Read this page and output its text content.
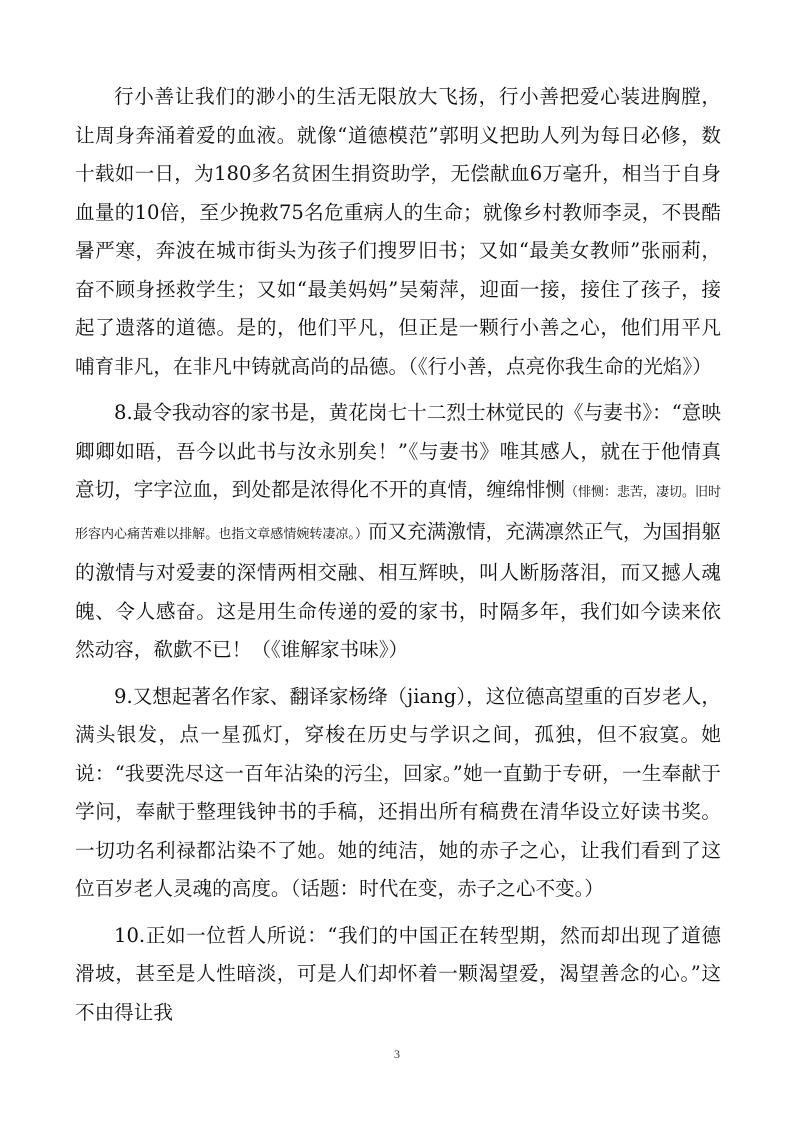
行小善让我们的渺小的生活无限放大飞扬，行小善把爱心装进胸膛，让周身奔涌着爱的血液。就像“道德模范”郭明义把助人列为每日必修，数十载如一日，为180多名贫困生捐资助学，无偿献血6万毫升，相当于自身血量的10倍，至少挽救75名危重病人的生命；就像乡村教师李灵，不畏酷暑严寒，奔波在城市街头为孩子们搜罗旧书；又如“最美女教师”张丽莉，奋不顾身拯救学生；又如“最美妈妈”吴菊萍，迎面一接，接住了孩子，接起了遗落的道德。是的，他们平凡，但正是一颗行小善之心，他们用平凡哺育非凡，在非凡中铸就高尚的品德。（《行小善，点亮你我生命的光焰》）

8.最令我动容的家书是，黄花岗七十二烈士林觉民的《与妻书》：“意映卿卿如晤，吾今以此书与汝永别矣！”《与妻书》唯其感人，就在于他情真意切，字字泣血，到处都是浓得化不开的真情，缠绵悱恻（悱恻：悲苦，凄切。旧时形容内心痛苦难以排解。也指文章感情婉转凄凉。）而又充满激情，充满凛然正气，为国捐躯的激情与对爱妻的深情两相交融、相互辉映，叫人断肠落泪，而又撼人魂魄、令人感奋。这是用生命传递的爱的家书，时隔多年，我们如今读来依然动容，欷歔不已！（《谁解家书味》）

9.又想起著名作家、翻译家杨绛（jiang），这位德高望重的百岁老人，满头银发，点一星孤灯，穿梭在历史与学识之间，孤独，但不寂寞。她说：“我要洗尽这一百年沾染的污尘，回家。”她一直勤于专研，一生奉献于学问，奉献于整理钱钟书的手稿，还捐出所有稿费在清华设立好读书奖。一切功名利禄都沾染不了她。她的纯洁，她的赤子之心，让我们看到了这位百岁老人灵魂的高度。（话题：时代在变，赤子之心不变。）

10.正如一位哲人所说：“我们的中国正在转型期，然而却出现了道德滑坡，甚至是人性暗淡，可是人们却怀着一颗渴望爱，渴望善念的心。”这不由得让我

3
